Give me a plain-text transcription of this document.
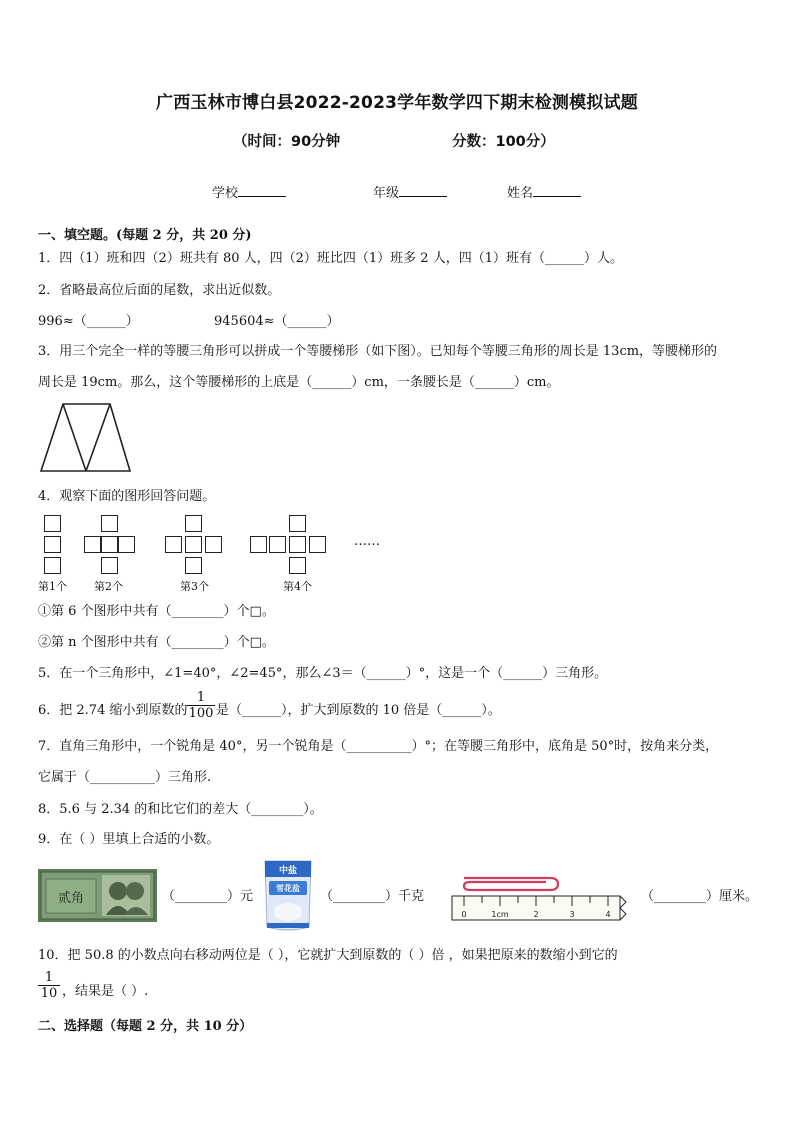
广西玉林市博白县2022-2023学年数学四下期末检测模拟试题
（时间：90分钟	分数：100分）
学校	年级	姓名
一、填空题。(每题 2 分，共 20 分)
1．四（1）班和四（2）班共有 80 人，四（2）班比四（1）班多 2 人，四（1）班有（______）人。
2．省略最高位后面的尾数，求出近似数。
996≈（______）	945604≈（______）
3．用三个完全一样的等腰三角形可以拼成一个等腰梯形（如下图）。已知每个等腰三角形的周长是 13cm，等腰梯形的
周长是 19cm。那么，这个等腰梯形的上底是（______）cm，一条腰长是（______）cm。
4．观察下面的图形回答问题。
……
第1个 第2个	第3个	第4个
①第 6 个图形中共有（________）个□。
②第 n 个图形中共有（________）个□。
5．在一个三角形中，∠1=40°，∠2=45°，那么∠3＝（______）°，这是一个（______）三角形。
6．把 2.74 缩小到原数的 $\frac{1}{100}$ 是（______），扩大到原数的 10 倍是（______）。
7．直角三角形中，一个锐角是 40°，另一个锐角是（__________）°；在等腰三角形中，底角是 50°时，按角来分类，
它属于（__________）三角形.
8．5.6 与 2.34 的和比它们的差大（________）。
9．在（ ）里填上合适的小数。
贰角	（________）元
中盐
雪花盐
（________）千克
0	1cm	2	3	4
（________）厘米。
10．把 50.8 的小数点向右移动两位是（ ），它就扩大到原数的（ ）倍 ，如果把原来的数缩小到它的
$\frac{1}{10}$ ，结果是（ ）.
二、选择题（每题 2 分，共 10 分）
